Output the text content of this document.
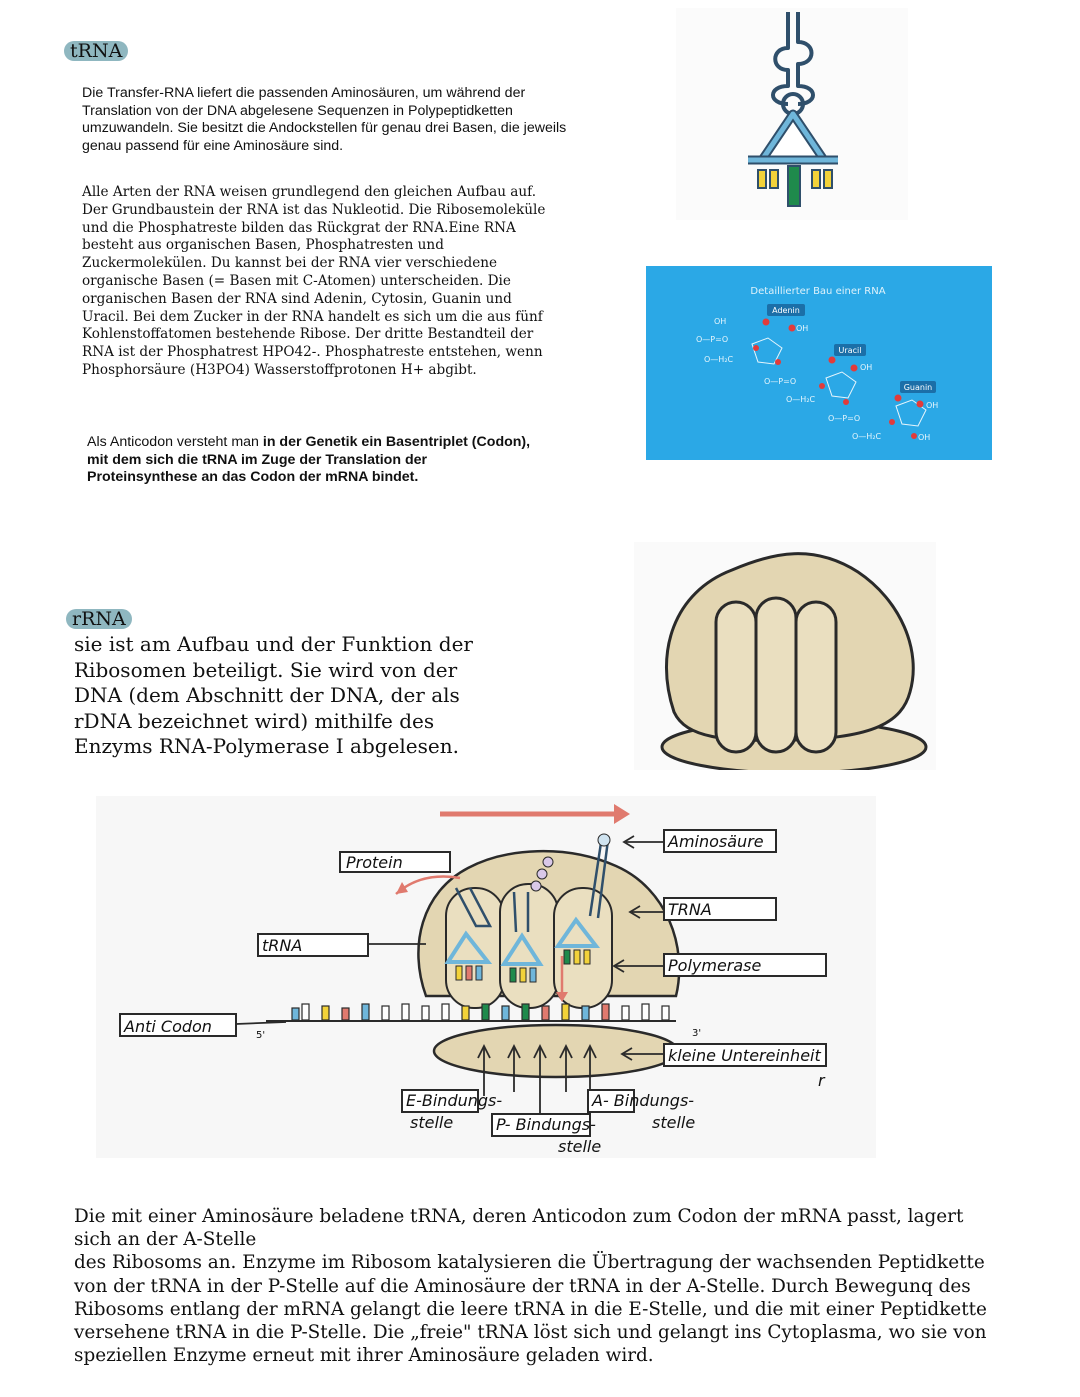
tRNA

Die Transfer-RNA liefert die passenden Aminosäuren, um während der Translation von der DNA abgelesene Sequenzen in Polypeptidketten umzuwandeln. Sie besitzt die Andockstellen für genau drei Basen, die jeweils genau passend für eine Aminosäure sind.

Alle Arten der RNA weisen grundlegend den gleichen Aufbau auf. Der Grundbaustein der RNA ist das Nukleotid. Die Ribosemoleküle und die Phosphatreste bilden das Rückgrat der RNA.Eine RNA besteht aus organischen Basen, Phosphatresten und Zuckermolekülen. Du kannst bei der RNA vier verschiedene organische Basen (= Basen mit C-Atomen) unterscheiden. Die organischen Basen der RNA sind Adenin, Cytosin, Guanin und Uracil. Bei dem Zucker in der RNA handelt es sich um die aus fünf Kohlenstoffatomen bestehende Ribose. Der dritte Bestandteil der RNA ist der Phosphatrest HPO42-. Phosphatreste entstehen, wenn Phosphorsäure (H3PO4) Wasserstoffprotonen H+ abgibt.

Als Anticodon versteht man in der Genetik ein Basentriplet (Codon), mit dem sich die tRNA im Zuge der Translation der Proteinsynthese an das Codon der mRNA bindet.

Detaillierter Bau einer RNA
OH
O—P=O
O—H₂C
Adenin
OH
O—P=O
O—H₂C
Uracil
OH
O—P=O
O—H₂C
Guanin
OH
OH
rRNA

sie ist am Aufbau und der Funktion der Ribosomen beteiligt. Sie wird von der DNA (dem Abschnitt der DNA, der als rDNA bezeichnet wird) mithilfe des Enzyms RNA-Polymerase I abgelesen.

Aminosäure
TRNA
Polymerase
kleine Untereinheit
Protein
tRNA
Anti Codon
E-Bindungs-
stelle	P- Bindungs-
stelle
A- Bindungs-
stelle
r
5'	3'
Die mit einer Aminosäure beladene tRNA, deren Anticodon zum Codon der mRNA passt, lagert sich an der A-Stelle
des Ribosoms an. Enzyme im Ribosom katalysieren die Übertragung der wachsenden Peptidkette von der tRNA in der P-Stelle auf die Aminosäure der tRNA in der A-Stelle. Durch Bewegunq des Ribosoms entlang der mRNA gelangt die leere tRNA in die E-Stelle, und die mit einer Peptidkette versehene tRNA in die P-Stelle. Die „freie" tRNA löst sich und gelangt ins Cytoplasma, wo sie von speziellen Enzyme erneut mit ihrer Aminosäure geladen wird.
